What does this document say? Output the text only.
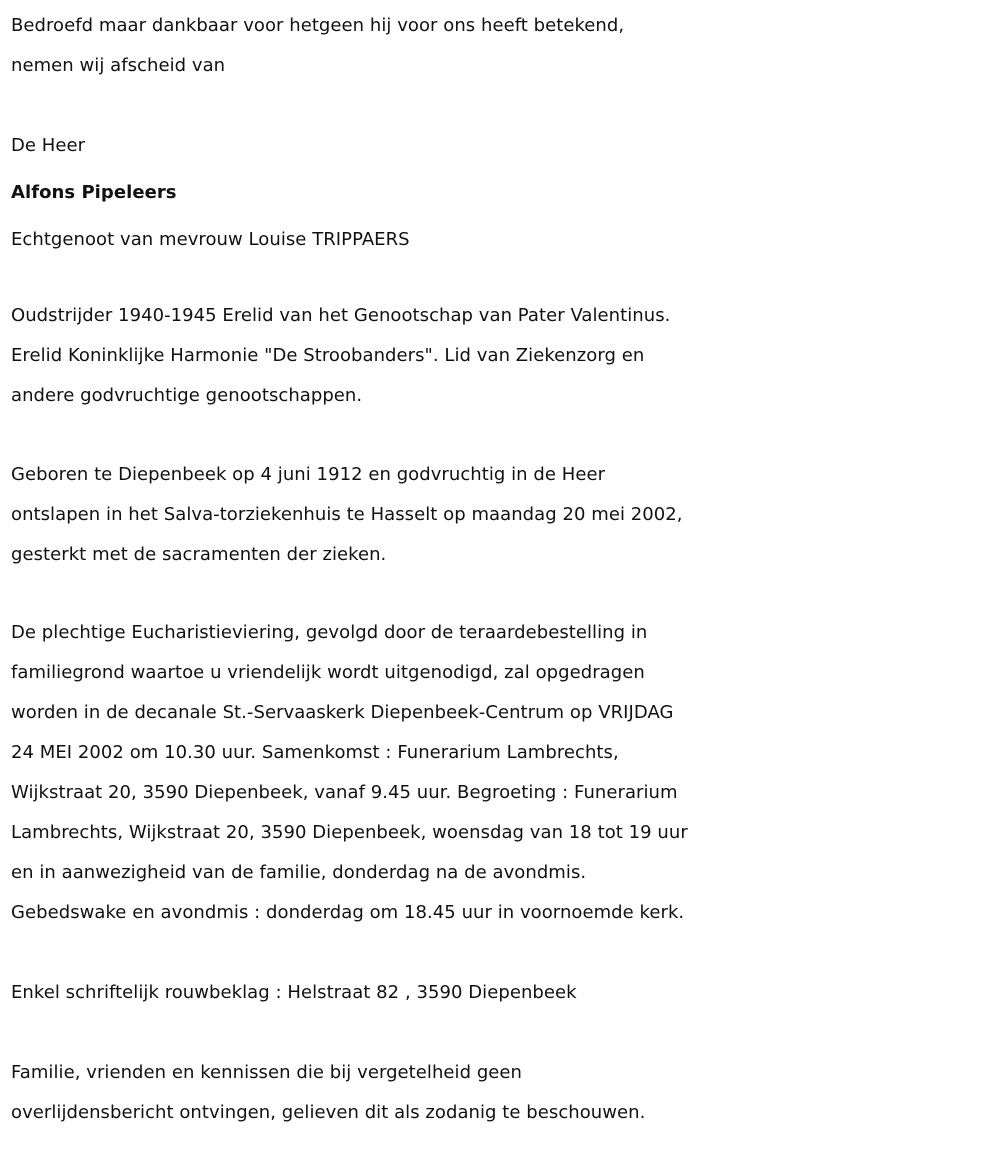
Bedroefd maar dankbaar voor hetgeen hij voor ons heeft betekend,
nemen wij afscheid van
De Heer
Alfons Pipeleers
Echtgenoot van mevrouw Louise TRIPPAERS
Oudstrijder 1940-1945 Erelid van het Genootschap van Pater Valentinus.
Erelid Koninklijke Harmonie "De Stroobanders". Lid van Ziekenzorg en
andere godvruchtige genootschappen.
Geboren te Diepenbeek op 4 juni 1912 en godvruchtig in de Heer
ontslapen in het Salva-torziekenhuis te Hasselt op maandag 20 mei 2002,
gesterkt met de sacramenten der zieken.
De plechtige Eucharistieviering, gevolgd door de teraardebestelling in
familiegrond waartoe u vriendelijk wordt uitgenodigd, zal opgedragen
worden in de decanale St.-Servaaskerk Diepenbeek-Centrum op VRIJDAG
24 MEI 2002 om 10.30 uur. Samenkomst : Funerarium Lambrechts,
Wijkstraat 20, 3590 Diepenbeek, vanaf 9.45 uur. Begroeting : Funerarium
Lambrechts, Wijkstraat 20, 3590 Diepenbeek, woensdag van 18 tot 19 uur
en in aanwezigheid van de familie, donderdag na de avondmis.
Gebedswake en avondmis : donderdag om 18.45 uur in voornoemde kerk.
Enkel schriftelijk rouwbeklag : Helstraat 82 , 3590 Diepenbeek
Familie, vrienden en kennissen die bij vergetelheid geen
overlijdensbericht ontvingen, gelieven dit als zodanig te beschouwen.
